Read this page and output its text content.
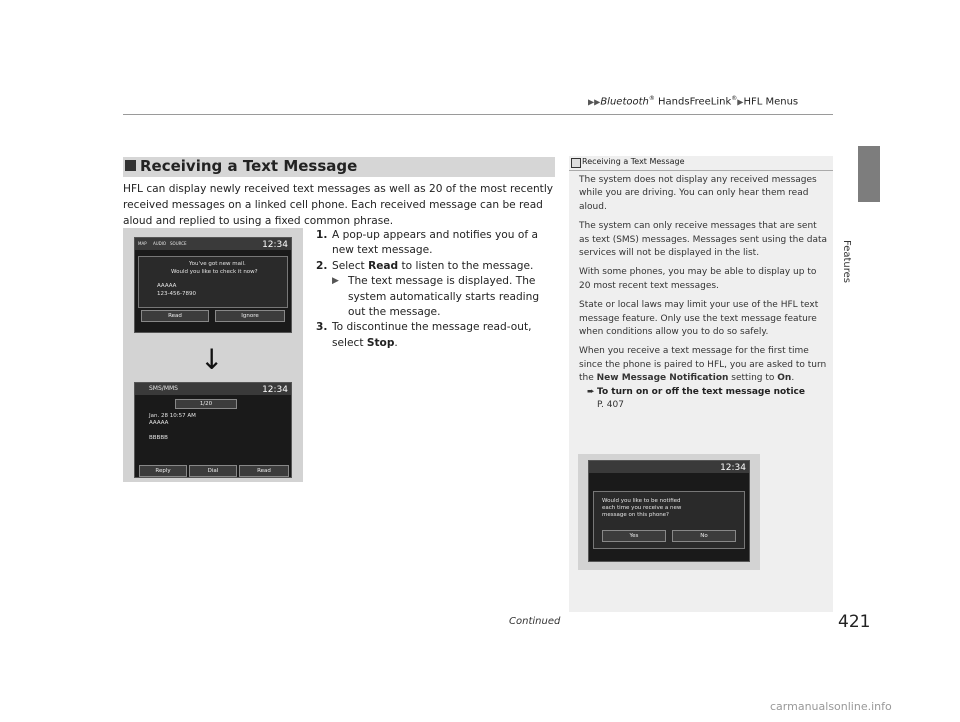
▶▶Bluetooth® HandsFreeLink®▶HFL Menus
Features
Receiving a Text Message
HFL can display newly received text messages as well as 20 of the most recently received messages on a linked cell phone. Each received message can be read aloud and replied to using a fixed common phrase.
MAP AUDIO SOURCE	12:34
You've got new mail.
Would you like to check it now?
AAAAA
123-456-7890
Read	Ignore
SMS/MMS	12:34
1/20
Jan. 28 10:57 AM
AAAAA
BBBBB
Reply	Dial	Read
↓
1. A pop-up appears and notifies you of a new text message.
2. Select Read to listen to the message.
▶ The text message is displayed. The system automatically starts reading out the message.
3. To discontinue the message read-out, select Stop.
Receiving a Text Message

The system does not display any received messages while you are driving. You can only hear them read aloud.

The system can only receive messages that are sent as text (SMS) messages. Messages sent using the data services will not be displayed in the list.

With some phones, you may be able to display up to 20 most recent text messages.

State or local laws may limit your use of the HFL text message feature. Only use the text message feature when conditions allow you to do so safely.

When you receive a text message for the first time since the phone is paired to HFL, you are asked to turn the New Message Notification setting to On.

➨ To turn on or off the text message notice
P. 407
12:34
Would you like to be notified
each time you receive a new
message on this phone?
Yes	No
Continued	421
carmanualsonline.info
